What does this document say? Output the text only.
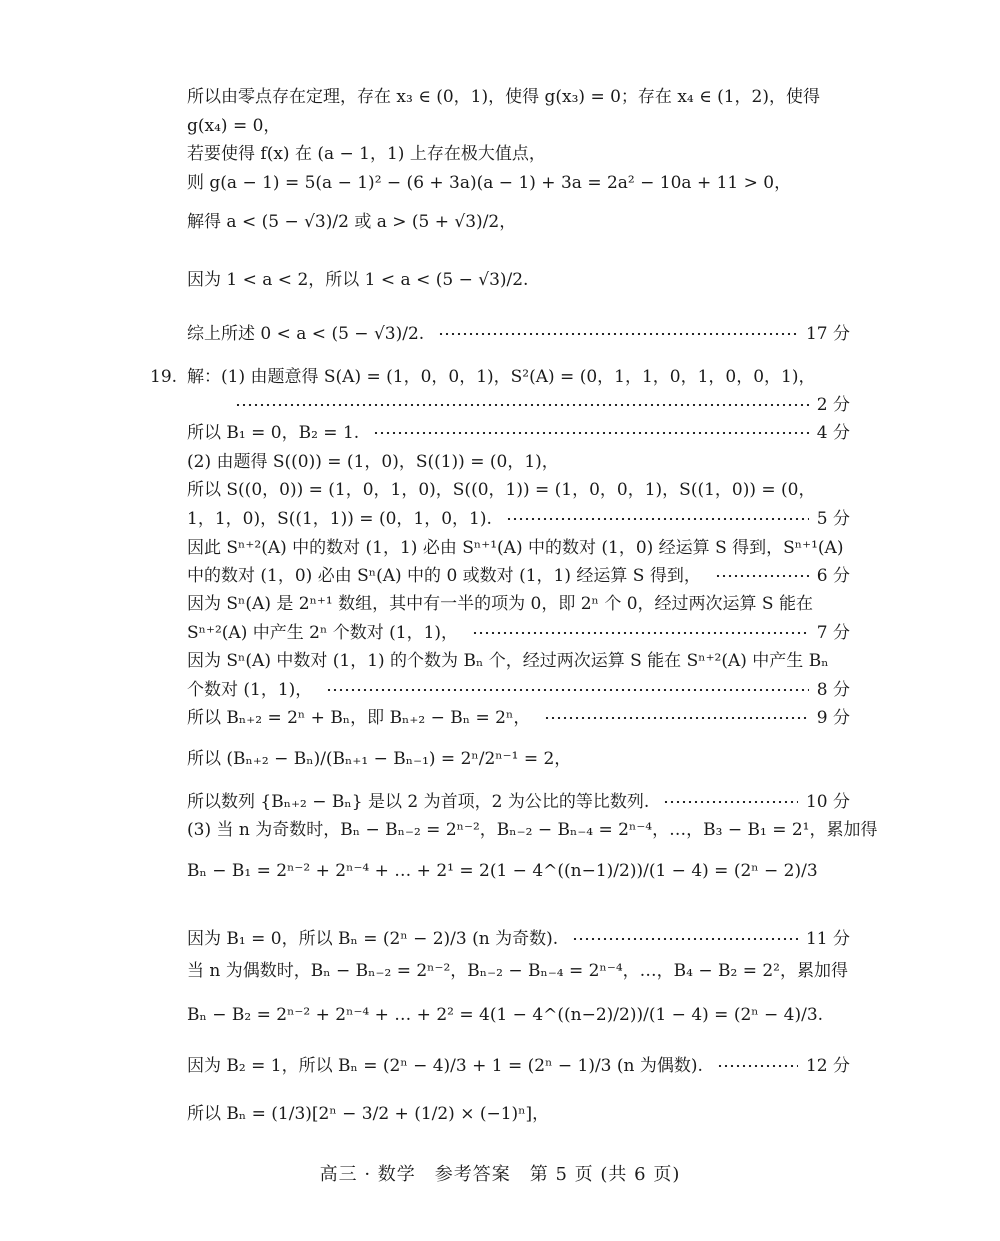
19.
所以由零点存在定理，存在 x₃ ∈ (0，1)，使得 g(x₃) = 0；存在 x₄ ∈ (1，2)，使得
g(x₄) = 0，
若要使得 f(x) 在 (a − 1，1) 上存在极大值点，
则 g(a − 1) = 5(a − 1)² − (6 + 3a)(a − 1) + 3a = 2a² − 10a + 11 > 0，
解得 a < (5 − √3)/2 或 a > (5 + √3)/2，
因为 1 < a < 2，所以 1 < a < (5 − √3)/2.
综上所述 0 < a < (5 − √3)/2.	17 分
解：(1) 由题意得 S(A) = (1，0，0，1)，S²(A) = (0，1，1，0，1，0，0，1)，
2 分
所以 B₁ = 0，B₂ = 1.	4 分
(2) 由题得 S((0)) = (1，0)，S((1)) = (0，1)，
所以 S((0，0)) = (1，0，1，0)，S((0，1)) = (1，0，0，1)，S((1，0)) = (0，
1，1，0)，S((1，1)) = (0，1，0，1).	5 分
因此 Sⁿ⁺²(A) 中的数对 (1，1) 必由 Sⁿ⁺¹(A) 中的数对 (1，0) 经运算 S 得到，Sⁿ⁺¹(A)
中的数对 (1，0) 必由 Sⁿ(A) 中的 0 或数对 (1，1) 经运算 S 得到，	6 分
因为 Sⁿ(A) 是 2ⁿ⁺¹ 数组，其中有一半的项为 0，即 2ⁿ 个 0，经过两次运算 S 能在
Sⁿ⁺²(A) 中产生 2ⁿ 个数对 (1，1)，	7 分
因为 Sⁿ(A) 中数对 (1，1) 的个数为 Bₙ 个，经过两次运算 S 能在 Sⁿ⁺²(A) 中产生 Bₙ
个数对 (1，1)，	8 分
所以 Bₙ₊₂ = 2ⁿ + Bₙ，即 Bₙ₊₂ − Bₙ = 2ⁿ，	9 分
所以 (Bₙ₊₂ − Bₙ)/(Bₙ₊₁ − Bₙ₋₁) = 2ⁿ/2ⁿ⁻¹ = 2，
所以数列 {Bₙ₊₂ − Bₙ} 是以 2 为首项，2 为公比的等比数列.	10 分
(3) 当 n 为奇数时，Bₙ − Bₙ₋₂ = 2ⁿ⁻²，Bₙ₋₂ − Bₙ₋₄ = 2ⁿ⁻⁴，…，B₃ − B₁ = 2¹，累加得
Bₙ − B₁ = 2ⁿ⁻² + 2ⁿ⁻⁴ + … + 2¹ = 2(1 − 4^((n−1)/2))/(1 − 4) = (2ⁿ − 2)/3
因为 B₁ = 0，所以 Bₙ = (2ⁿ − 2)/3 (n 为奇数).	11 分
当 n 为偶数时，Bₙ − Bₙ₋₂ = 2ⁿ⁻²，Bₙ₋₂ − Bₙ₋₄ = 2ⁿ⁻⁴，…，B₄ − B₂ = 2²，累加得
Bₙ − B₂ = 2ⁿ⁻² + 2ⁿ⁻⁴ + … + 2² = 4(1 − 4^((n−2)/2))/(1 − 4) = (2ⁿ − 4)/3.
因为 B₂ = 1，所以 Bₙ = (2ⁿ − 4)/3 + 1 = (2ⁿ − 1)/3 (n 为偶数).	12 分
所以 Bₙ = (1/3)[2ⁿ − 3/2 + (1/2) × (−1)ⁿ]，
高三 · 数学　参考答案　第 5 页 (共 6 页)
